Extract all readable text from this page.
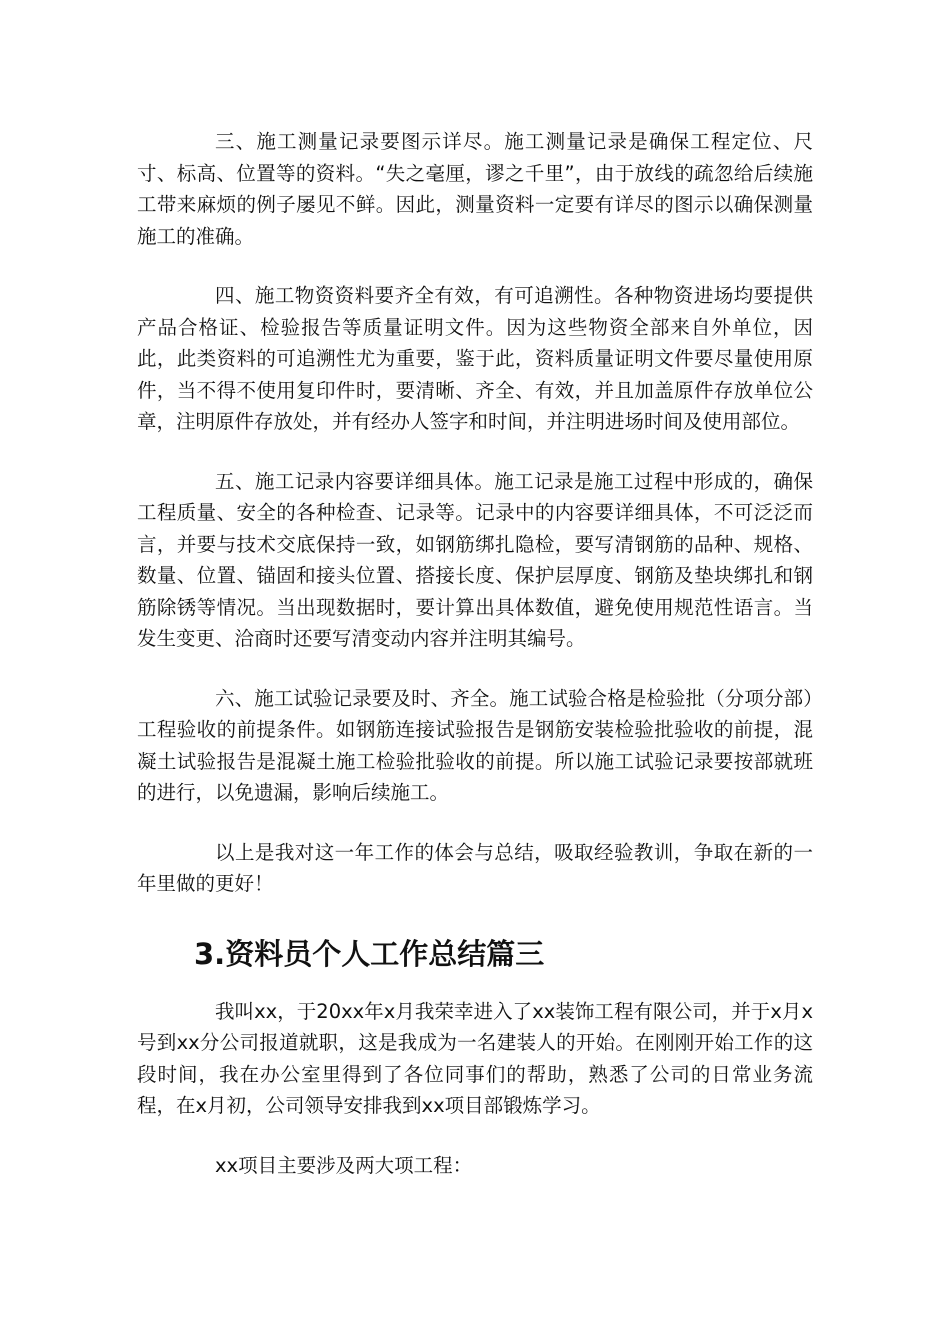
三、施工测量记录要图示详尽。施工测量记录是确保工程定位、尺寸、标高、位置等的资料。“失之毫厘，谬之千里”，由于放线的疏忽给后续施工带来麻烦的例子屡见不鲜。因此，测量资料一定要有详尽的图示以确保测量施工的准确。

四、施工物资资料要齐全有效，有可追溯性。各种物资进场均要提供产品合格证、检验报告等质量证明文件。因为这些物资全部来自外单位，因此，此类资料的可追溯性尤为重要，鉴于此，资料质量证明文件要尽量使用原件，当不得不使用复印件时，要清晰、齐全、有效，并且加盖原件存放单位公章，注明原件存放处，并有经办人签字和时间，并注明进场时间及使用部位。

五、施工记录内容要详细具体。施工记录是施工过程中形成的，确保工程质量、安全的各种检查、记录等。记录中的内容要详细具体，不可泛泛而言，并要与技术交底保持一致，如钢筋绑扎隐检，要写清钢筋的品种、规格、数量、位置、锚固和接头位置、搭接长度、保护层厚度、钢筋及垫块绑扎和钢筋除锈等情况。当出现数据时，要计算出具体数值，避免使用规范性语言。当发生变更、洽商时还要写清变动内容并注明其编号。

六、施工试验记录要及时、齐全。施工试验合格是检验批（分项分部）工程验收的前提条件。如钢筋连接试验报告是钢筋安装检验批验收的前提，混凝土试验报告是混凝土施工检验批验收的前提。所以施工试验记录要按部就班的进行，以免遗漏，影响后续施工。

以上是我对这一年工作的体会与总结，吸取经验教训，争取在新的一年里做的更好！

3.资料员个人工作总结篇三

我叫xx，于20xx年x月我荣幸进入了xx装饰工程有限公司，并于x月x号到xx分公司报道就职，这是我成为一名建装人的开始。在刚刚开始工作的这段时间，我在办公室里得到了各位同事们的帮助，熟悉了公司的日常业务流程，在x月初，公司领导安排我到xx项目部锻炼学习。

xx项目主要涉及两大项工程：
